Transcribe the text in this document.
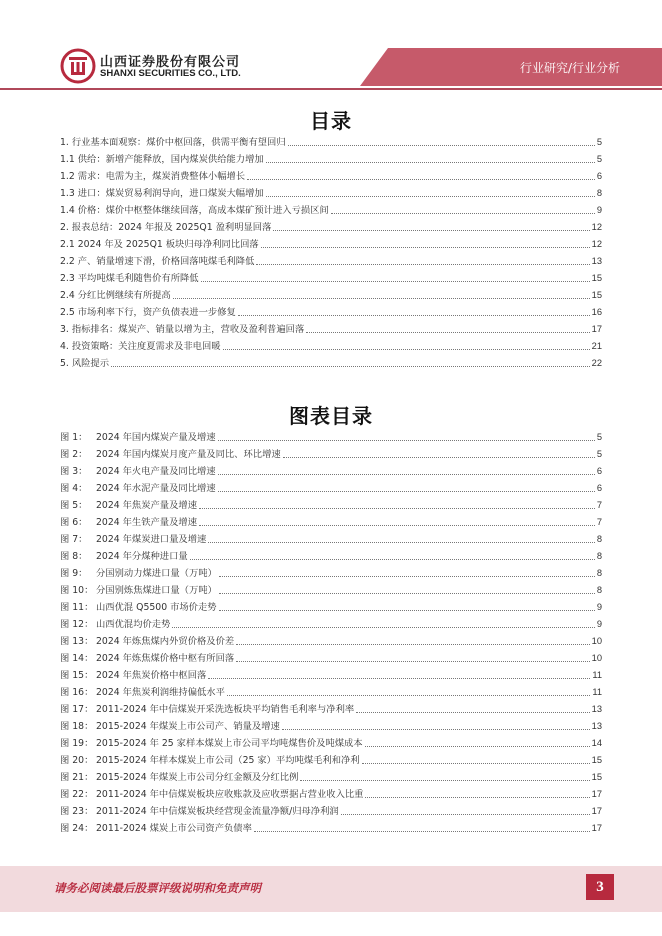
山西证券股份有限公司
SHANXI SECURITIES CO., LTD.	行业研究/行业分析
目录
1. 行业基本面观察：煤价中枢回落，供需平衡有望回归	5
1.1 供给：新增产能释放，国内煤炭供给能力增加	5
1.2 需求：电需为主，煤炭消费整体小幅增长	6
1.3 进口：煤炭贸易利润导向，进口煤炭大幅增加	8
1.4 价格：煤价中枢整体继续回落，高成本煤矿预计进入亏损区间	9
2. 报表总结：2024 年报及 2025Q1 盈利明显回落	12
2.1 2024 年及 2025Q1 板块归母净利同比回落	12
2.2 产、销量增速下滑，价格回落吨煤毛利降低	13
2.3 平均吨煤毛利随售价有所降低	15
2.4 分红比例继续有所提高	15
2.5 市场利率下行，资产负债表进一步修复	16
3. 指标排名：煤炭产、销量以增为主，营收及盈利普遍回落	17
4. 投资策略：关注度夏需求及非电回暖	21
5. 风险提示	22
图表目录
图 1： 2024 年国内煤炭产量及增速	5
图 2： 2024 年国内煤炭月度产量及同比、环比增速	5
图 3： 2024 年火电产量及同比增速	6
图 4： 2024 年水泥产量及同比增速	6
图 5： 2024 年焦炭产量及增速	7
图 6： 2024 年生铁产量及增速	7
图 7： 2024 年煤炭进口量及增速	8
图 8： 2024 年分煤种进口量	8
图 9： 分国别动力煤进口量（万吨）	8
图 10： 分国别炼焦煤进口量（万吨）	8
图 11： 山西优混 Q5500 市场价走势	9
图 12： 山西优混均价走势	9
图 13： 2024 年炼焦煤内外贸价格及价差	10
图 14： 2024 年炼焦煤价格中枢有所回落	10
图 15： 2024 年焦炭价格中枢回落	11
图 16： 2024 年焦炭利润维持偏低水平	11
图 17： 2011-2024 年中信煤炭开采洗选板块平均销售毛利率与净利率	13
图 18： 2015-2024 年煤炭上市公司产、销量及增速	13
图 19： 2015-2024 年 25 家样本煤炭上市公司平均吨煤售价及吨煤成本	14
图 20： 2015-2024 年样本煤炭上市公司（25 家）平均吨煤毛利和净利	15
图 21： 2015-2024 年煤炭上市公司分红金额及分红比例	15
图 22： 2011-2024 年中信煤炭板块应收账款及应收票据占营业收入比重	17
图 23： 2011-2024 年中信煤炭板块经营现金流量净额/归母净利润	17
图 24： 2011-2024 煤炭上市公司资产负债率	17
请务必阅读最后股票评级说明和免责声明	3
